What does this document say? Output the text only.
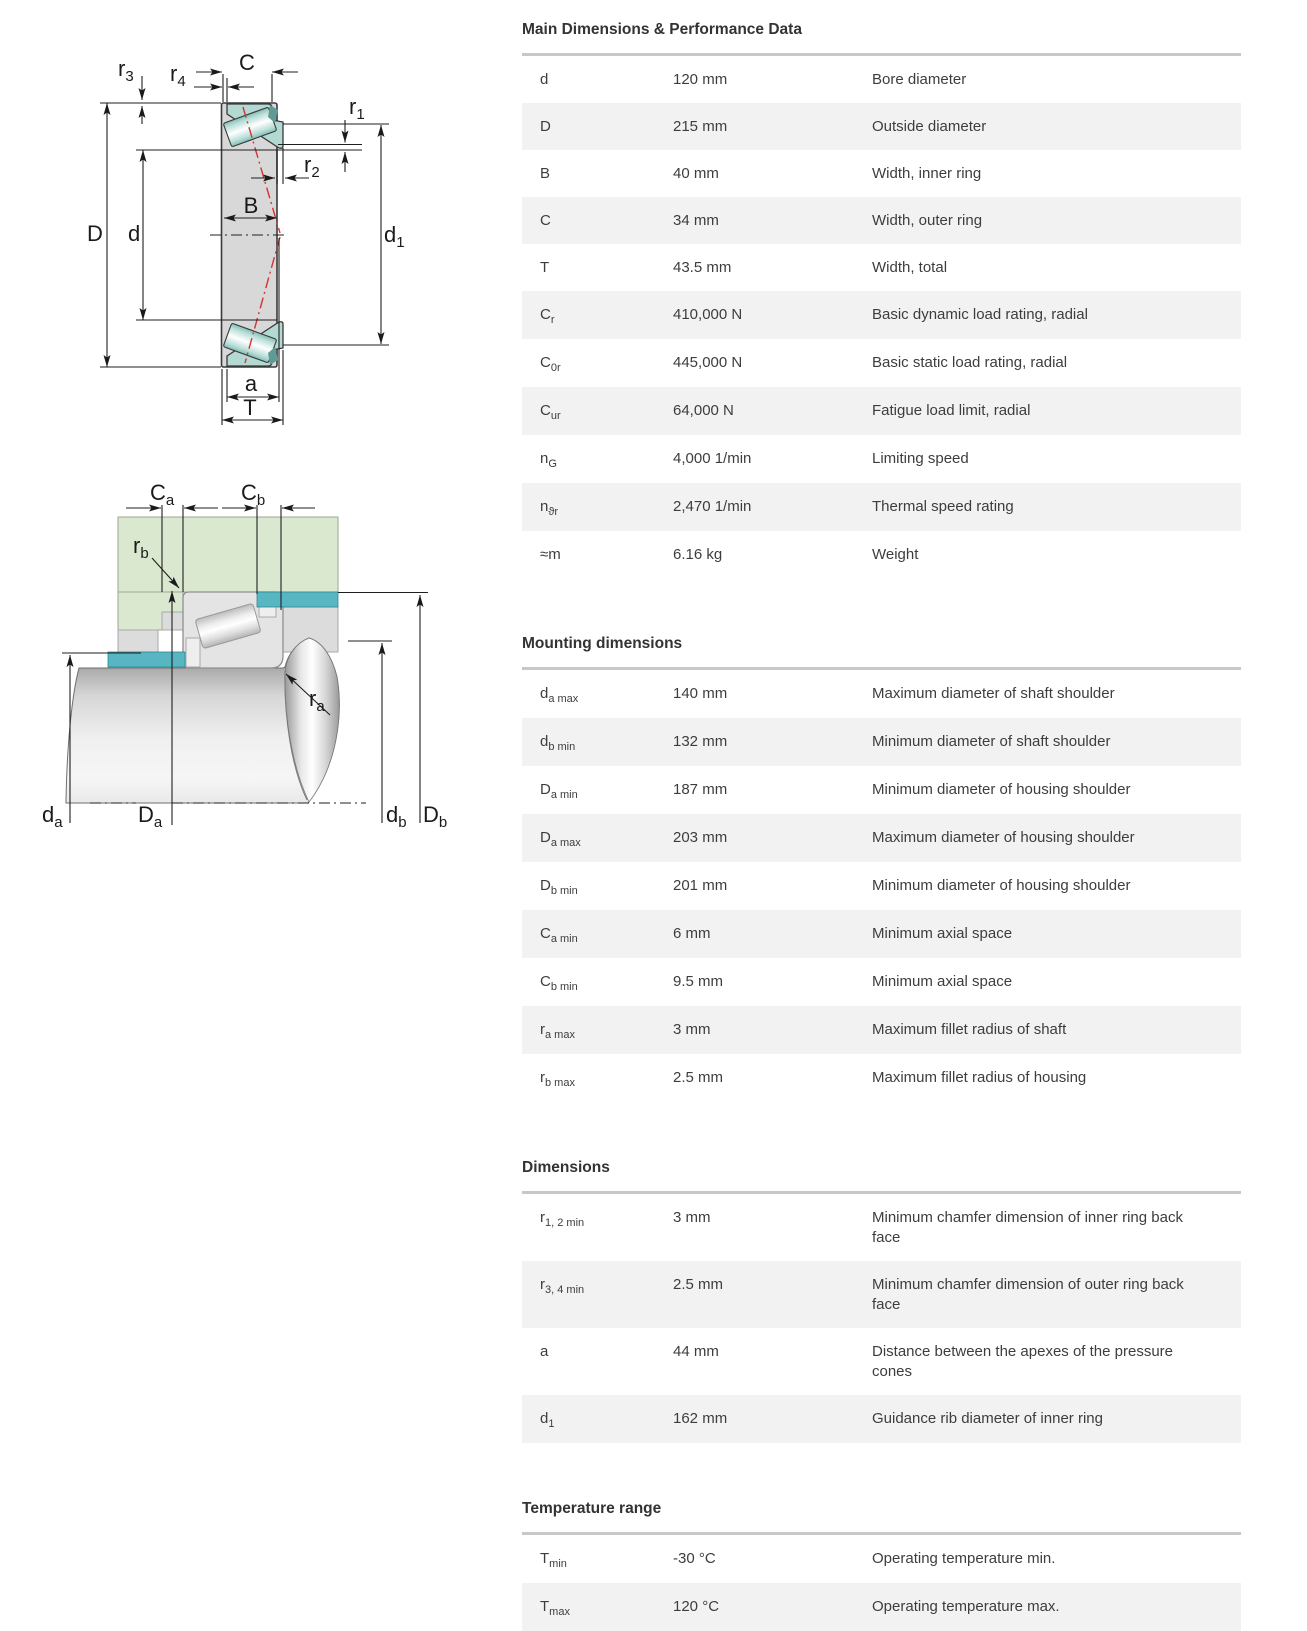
$r_3$ $r_4$
C
$r_1$
$r_2$
B
D d	$d_1$
a
T
$C_a$	$C_b$
$r_b$
$r_a$
$d_a$	$D_a$	$d_b$ $D_b$
Main Dimensions & Performance Data
d	120 mm	Bore diameter
D	215 mm	Outside diameter
B	40 mm	Width, inner ring
C	34 mm	Width, outer ring
T	43.5 mm	Width, total
$C_r$	410,000 N	Basic dynamic load rating, radial
$C_{0r}$	445,000 N	Basic static load rating, radial
$C_{ur}$	64,000 N	Fatigue load limit, radial
$n_G$	4,000 1/min	Limiting speed
$n_{ϑr}$	2,470 1/min	Thermal speed rating
≈m	6.16 kg	Weight
Mounting dimensions
$d_{a max}$	140 mm	Maximum diameter of shaft shoulder
$d_{b min}$	132 mm	Minimum diameter of shaft shoulder
$D_{a min}$	187 mm	Minimum diameter of housing shoulder
$D_{a max}$	203 mm	Maximum diameter of housing shoulder
$D_{b min}$	201 mm	Minimum diameter of housing shoulder
$C_{a min}$	6 mm	Minimum axial space
$C_{b min}$	9.5 mm	Minimum axial space
$r_{a max}$	3 mm	Maximum fillet radius of shaft
$r_{b max}$	2.5 mm	Maximum fillet radius of housing
Dimensions
$r_{1, 2 min}$	3 mm	Minimum chamfer dimension of inner ring back face
$r_{3, 4 min}$	2.5 mm	Minimum chamfer dimension of outer ring back face
a	44 mm	Distance between the apexes of the pressure cones
$d_1$	162 mm	Guidance rib diameter of inner ring
Temperature range
$T_{min}$	-30 °C	Operating temperature min.
$T_{max}$	120 °C	Operating temperature max.
